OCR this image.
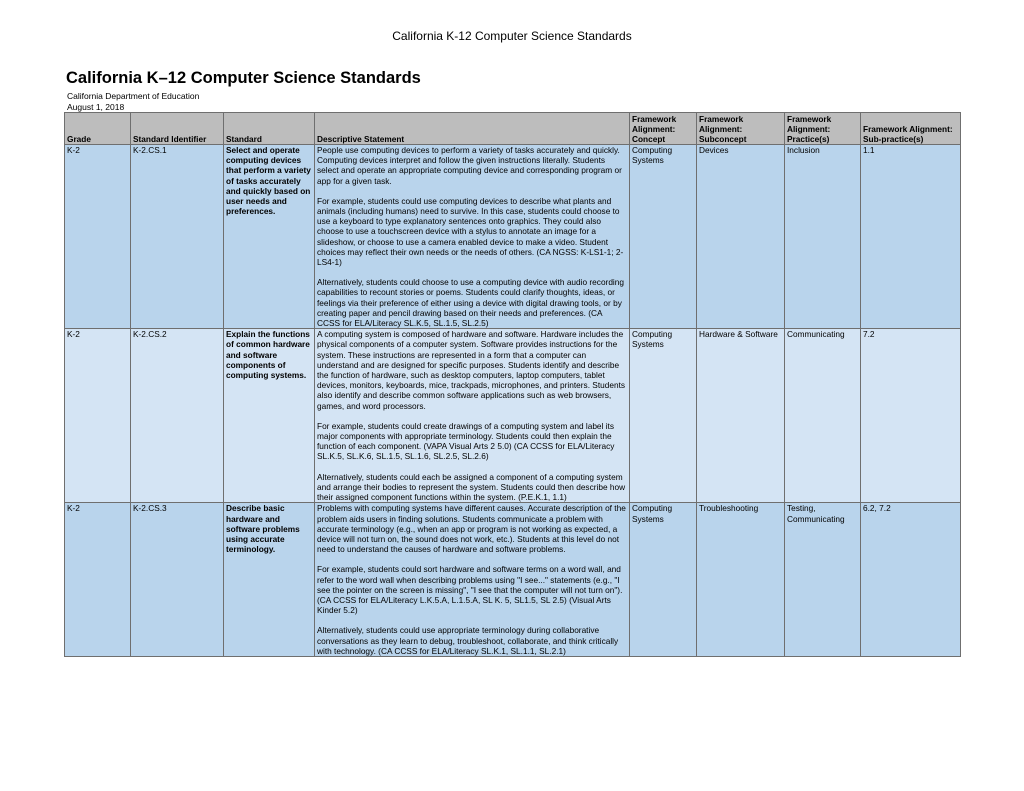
California K-12 Computer Science Standards
California K–12 Computer Science Standards
California Department of Education
August 1, 2018
Grade	Standard Identifier	Standard	Descriptive Statement	Framework Alignment: Concept	Framework Alignment: Subconcept	Framework Alignment: Practice(s)	Framework Alignment: Sub-practice(s)
K-2	K-2.CS.1	Select and operate computing devices that perform a variety of tasks accurately and quickly based on user needs and preferences.	People use computing devices to perform a variety of tasks accurately and quickly. Computing devices interpret and follow the given instructions literally. Students select and operate an appropriate computing device and corresponding program or app for a given task.

For example, students could use computing devices to describe what plants and animals (including humans) need to survive. In this case, students could choose to use a keyboard to type explanatory sentences onto graphics. They could also choose to use a touchscreen device with a stylus to annotate an image for a slideshow, or choose to use a camera enabled device to make a video. Student choices may reflect their own needs or the needs of others. (CA NGSS: K-LS1-1; 2-LS4-1)

Alternatively, students could choose to use a computing device with audio recording capabilities to recount stories or poems. Students could clarify thoughts, ideas, or feelings via their preference of either using a device with digital drawing tools, or by creating paper and pencil drawing based on their needs and preferences. (CA CCSS for ELA/Literacy SL.K.5, SL.1.5, SL.2.5)	Computing Systems	Devices	Inclusion	1.1
K-2	K-2.CS.2	Explain the functions of common hardware and software components of computing systems.	A computing system is composed of hardware and software. Hardware includes the physical components of a computer system. Software provides instructions for the system. These instructions are represented in a form that a computer can understand and are designed for specific purposes. Students identify and describe the function of hardware, such as desktop computers, laptop computers, tablet devices, monitors, keyboards, mice, trackpads, microphones, and printers. Students also identify and describe common software applications such as web browsers, games, and word processors.

For example, students could create drawings of a computing system and label its major components with appropriate terminology. Students could then explain the function of each component. (VAPA Visual Arts 2 5.0) (CA CCSS for ELA/Literacy SL.K.5, SL.K.6, SL.1.5, SL.1.6, SL.2.5, SL.2.6)

Alternatively, students could each be assigned a component of a computing system and arrange their bodies to represent the system. Students could then describe how their assigned component functions within the system. (P.E.K.1, 1.1)	Computing Systems	Hardware & Software	Communicating	7.2
K-2	K-2.CS.3	Describe basic hardware and software problems using accurate terminology.	Problems with computing systems have different causes. Accurate description of the problem aids users in finding solutions. Students communicate a problem with accurate terminology (e.g., when an app or program is not working as expected, a device will not turn on, the sound does not work, etc.). Students at this level do not need to understand the causes of hardware and software problems.

For example, students could sort hardware and software terms on a word wall, and refer to the word wall when describing problems using "I see..." statements (e.g., "I see the pointer on the screen is missing", "I see that the computer will not turn on"). (CA CCSS for ELA/Literacy L.K.5.A, L.1.5.A, SL K. 5, SL1.5, SL 2.5) (Visual Arts Kinder 5.2)

Alternatively, students could use appropriate terminology during collaborative conversations as they learn to debug, troubleshoot, collaborate, and think critically with technology. (CA CCSS for ELA/Literacy SL.K.1, SL.1.1, SL.2.1)	Computing Systems	Troubleshooting	Testing, Communicating	6.2, 7.2
